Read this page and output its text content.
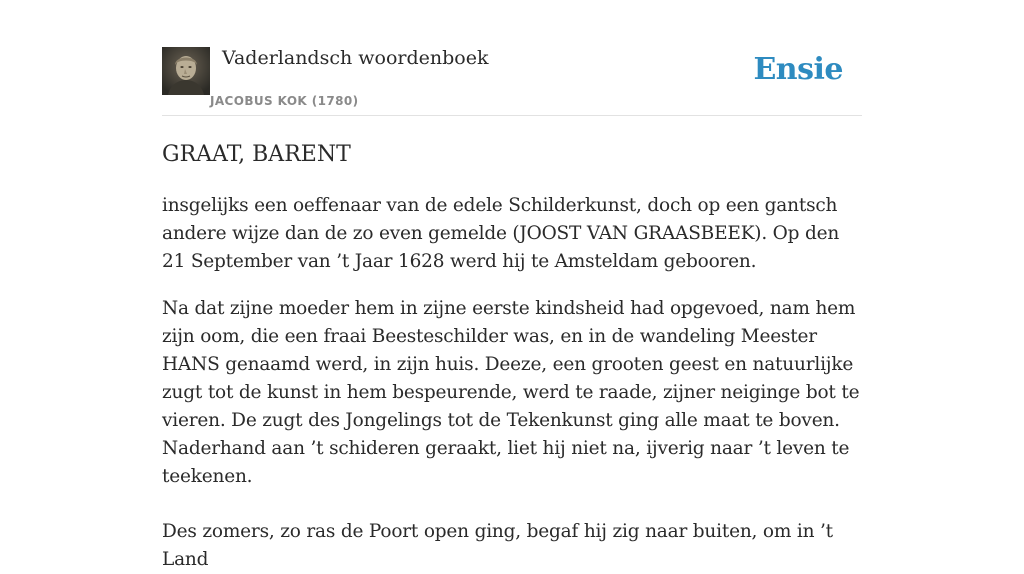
Vaderlandsch woordenboek
JACOBUS KOK (1780)
Ensie
GRAAT, BARENT

insgelijks een oeffenaar van de edele Schilderkunst, doch op een gantsch andere wijze dan de zo even gemelde (JOOST VAN GRAASBEEK). Op den 21 September van ’t Jaar 1628 werd hij te Amsteldam gebooren.

Na dat zijne moeder hem in zijne eerste kindsheid had opgevoed, nam hem zijn oom, die een fraai Beesteschilder was, en in de wandeling Meester HANS genaamd werd, in zijn huis. Deeze, een grooten geest en natuurlijke zugt tot de kunst in hem bespeurende, werd te raade, zijner neiginge bot te vieren. De zugt des Jongelings tot de Tekenkunst ging alle maat te boven. Naderhand aan ’t schideren geraakt, liet hij niet na, ijverig naar ’t leven te teekenen.

Des zomers, zo ras de Poort open ging, begaf hij zig naar buiten, om in ’t Land
